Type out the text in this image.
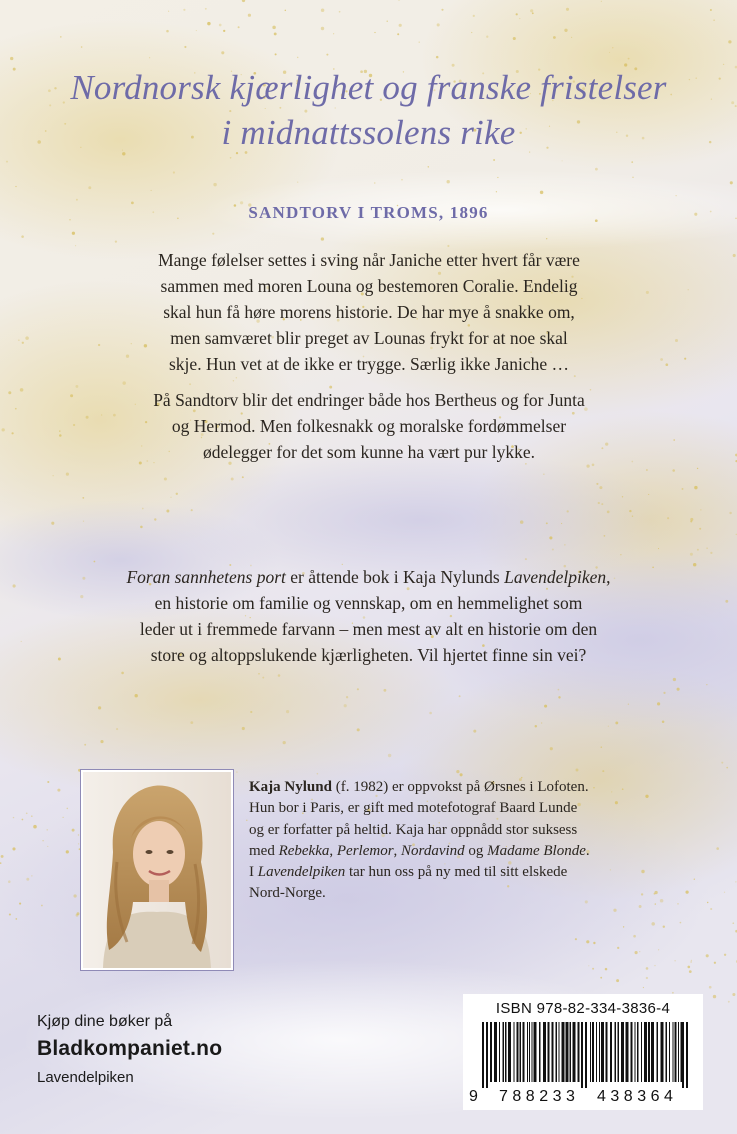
Nordnorsk kjærlighet og franske fristelser
i midnattssolens rike
SANDTORV I TROMS, 1896
Mange følelser settes i sving når Janiche etter hvert får være
sammen med moren Louna og bestemoren Coralie. Endelig
skal hun få høre morens historie. De har mye å snakke om,
men samværet blir preget av Lounas frykt for at noe skal
skje. Hun vet at de ikke er trygge. Særlig ikke Janiche …
På Sandtorv blir det endringer både hos Bertheus og for Junta
og Hermod. Men folkesnakk og moralske fordømmelser
ødelegger for det som kunne ha vært pur lykke.
Foran sannhetens port er åttende bok i Kaja Nylunds Lavendelpiken,
en historie om familie og vennskap, om en hemmelighet som
leder ut i fremmede farvann – men mest av alt en historie om den
store og altoppslukende kjærligheten. Vil hjertet finne sin vei?
Kaja Nylund (f. 1982) er oppvokst på Ørsnes i Lofoten.
Hun bor i Paris, er gift med motefotograf Baard Lunde
og er forfatter på heltid. Kaja har oppnådd stor suksess
med Rebekka, Perlemor, Nordavind og Madame Blonde.
I Lavendelpiken tar hun oss på ny med til sitt elskede
Nord-Norge.
Kjøp dine bøker på
Bladkompaniet.no
Lavendelpiken
ISBN 978-82-334-3836-4
9 788233 438364
